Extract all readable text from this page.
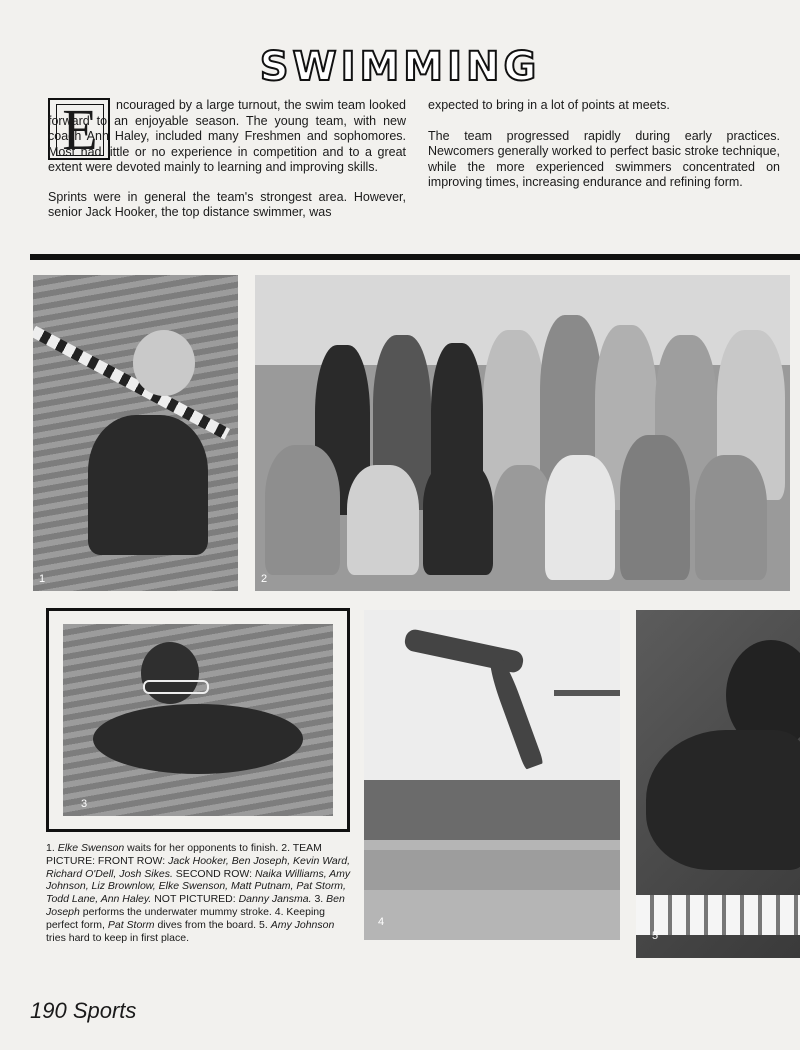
SWIMMING
E	ncouraged by a large turnout, the swim team looked forward to an enjoyable season. The young team, with new coach Ann Haley, included many Freshmen and sophomores. Most had little or no experience in competition and to a great extent were devoted mainly to learning and improving skills.

Sprints were in general the team's strongest area. However, senior Jack Hooker, the top distance swimmer, was

expected to bring in a lot of points at meets.

The team progressed rapidly during early practices. Newcomers generally worked to perfect basic stroke technique, while the more experienced swimmers concentrated on improving times, increasing endurance and refining form.

1	2
3
4
5
1. Elke Swenson waits for her opponents to finish. 2. TEAM PICTURE: FRONT ROW: Jack Hooker, Ben Joseph, Kevin Ward, Richard O'Dell, Josh Sikes. SECOND ROW: Naika Williams, Amy Johnson, Liz Brownlow, Elke Swenson, Matt Putnam, Pat Storm, Todd Lane, Ann Haley. NOT PICTURED: Danny Jansma. 3. Ben Joseph performs the underwater mummy stroke. 4. Keeping perfect form, Pat Storm dives from the board. 5. Amy Johnson tries hard to keep in first place.
190 Sports
